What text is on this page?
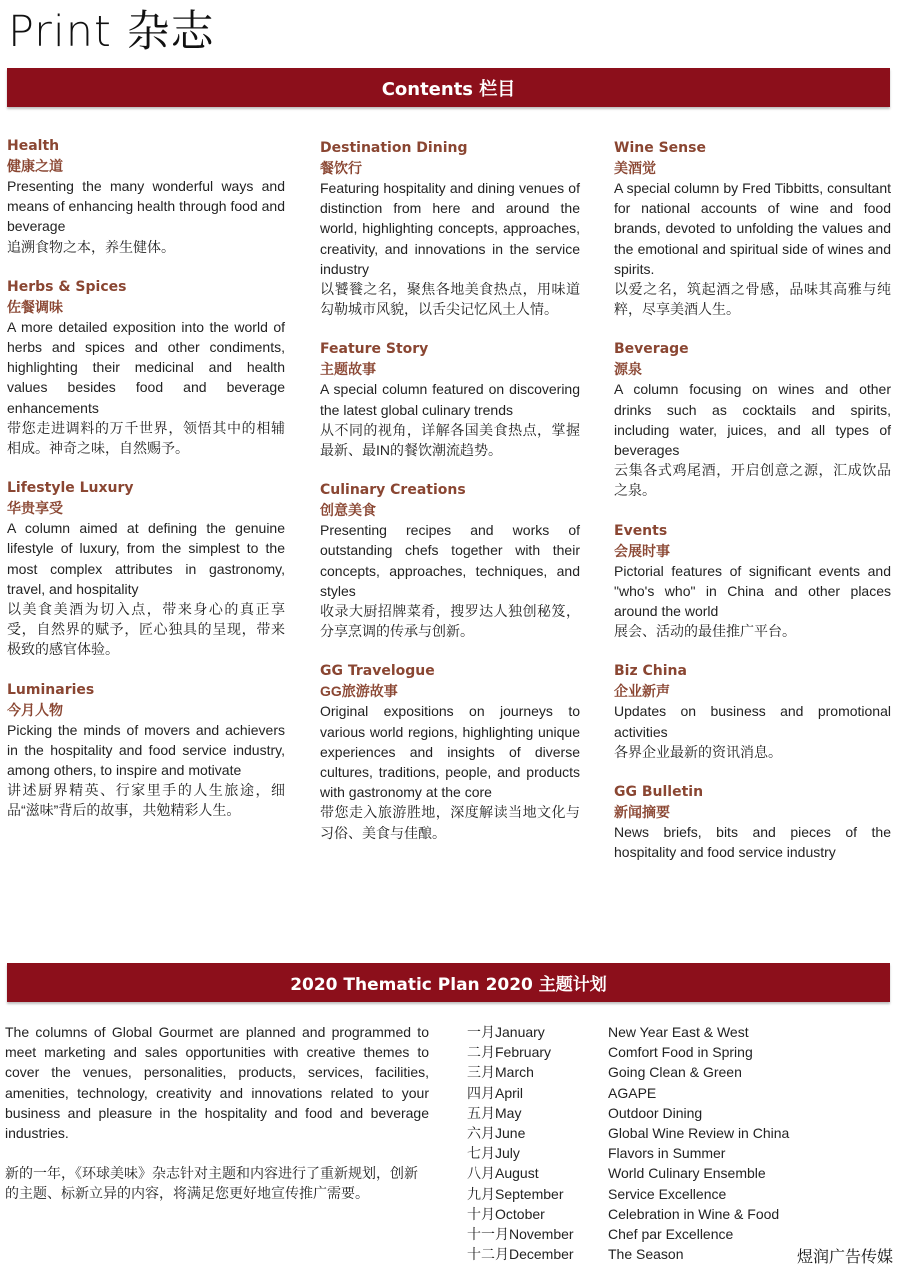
Print 杂志
Contents 栏目
Health
健康之道
Presenting the many wonderful ways and means of enhancing health through food and beverage
追溯食物之本，养生健体。
Herbs & Spices
佐餐调味
A more detailed exposition into the world of herbs and spices and other condiments, highlighting their medicinal and health values besides food and beverage enhancements
带您走进调料的万千世界，领悟其中的相辅相成。神奇之味，自然赐予。
Lifestyle Luxury
华贵享受
A column aimed at defining the genuine lifestyle of luxury, from the simplest to the most complex attributes in gastronomy, travel, and hospitality
以美食美酒为切入点，带来身心的真正享受，自然界的赋予，匠心独具的呈现，带来极致的感官体验。
Luminaries
今月人物
Picking the minds of movers and achievers in the hospitality and food service industry, among others, to inspire and motivate
讲述厨界精英、行家里手的人生旅途，细品“滋味”背后的故事，共勉精彩人生。
Destination Dining
餐饮行
Featuring hospitality and dining venues of distinction from here and around the world, highlighting concepts, approaches, creativity, and innovations in the service industry
以饕餮之名，聚焦各地美食热点，用味道勾勒城市风貌，以舌尖记忆风土人情。
Feature Story
主题故事
A special column featured on discovering the latest global culinary trends
从不同的视角，详解各国美食热点，掌握最新、最IN的餐饮潮流趋势。
Culinary Creations
创意美食
Presenting recipes and works of outstanding chefs together with their concepts, approaches, techniques, and styles
收录大厨招牌菜肴，搜罗达人独创秘笈，分享烹调的传承与创新。
GG Travelogue
GG旅游故事
Original expositions on journeys to various world regions, highlighting unique experiences and insights of diverse cultures, traditions, people, and products with gastronomy at the core
带您走入旅游胜地，深度解读当地文化与习俗、美食与佳酿。
Wine Sense
美酒觉
A special column by Fred Tibbitts, consultant for national accounts of wine and food brands, devoted to unfolding the values and the emotional and spiritual side of wines and spirits.
以爱之名，筑起酒之骨感，品味其高雅与纯粹，尽享美酒人生。
Beverage
源泉
A column focusing on wines and other drinks such as cocktails and spirits, including water, juices, and all types of beverages
云集各式鸡尾酒，开启创意之源，汇成饮品之泉。
Events
会展时事
Pictorial features of significant events and "who's who" in China and other places around the world
展会、活动的最佳推广平台。
Biz China
企业新声
Updates on business and promotional activities
各界企业最新的资讯消息。
GG Bulletin
新闻摘要
News briefs, bits and pieces of the hospitality and food service industry
2020 Thematic Plan 2020 主题计划

The columns of Global Gourmet are planned and programmed to meet marketing and sales opportunities with creative themes to cover the venues, personalities, products, services, facilities, amenities, technology, creativity and innovations related to your business and pleasure in the hospitality and food and beverage industries.

新的一年，《环球美味》杂志针对主题和内容进行了重新规划，创新的主题、标新立异的内容，将满足您更好地宣传推广需要。

一月January
二月February
三月March
四月April
五月May
六月June
七月July
八月August
九月September
十月October
十一月November
十二月December
New Year East & West
Comfort Food in Spring
Going Clean & Green
AGAPE
Outdoor Dining
Global Wine Review in China
Flavors in Summer
World Culinary Ensemble
Service Excellence
Celebration in Wine & Food
Chef par Excellence
The Season	煜润广告传媒
